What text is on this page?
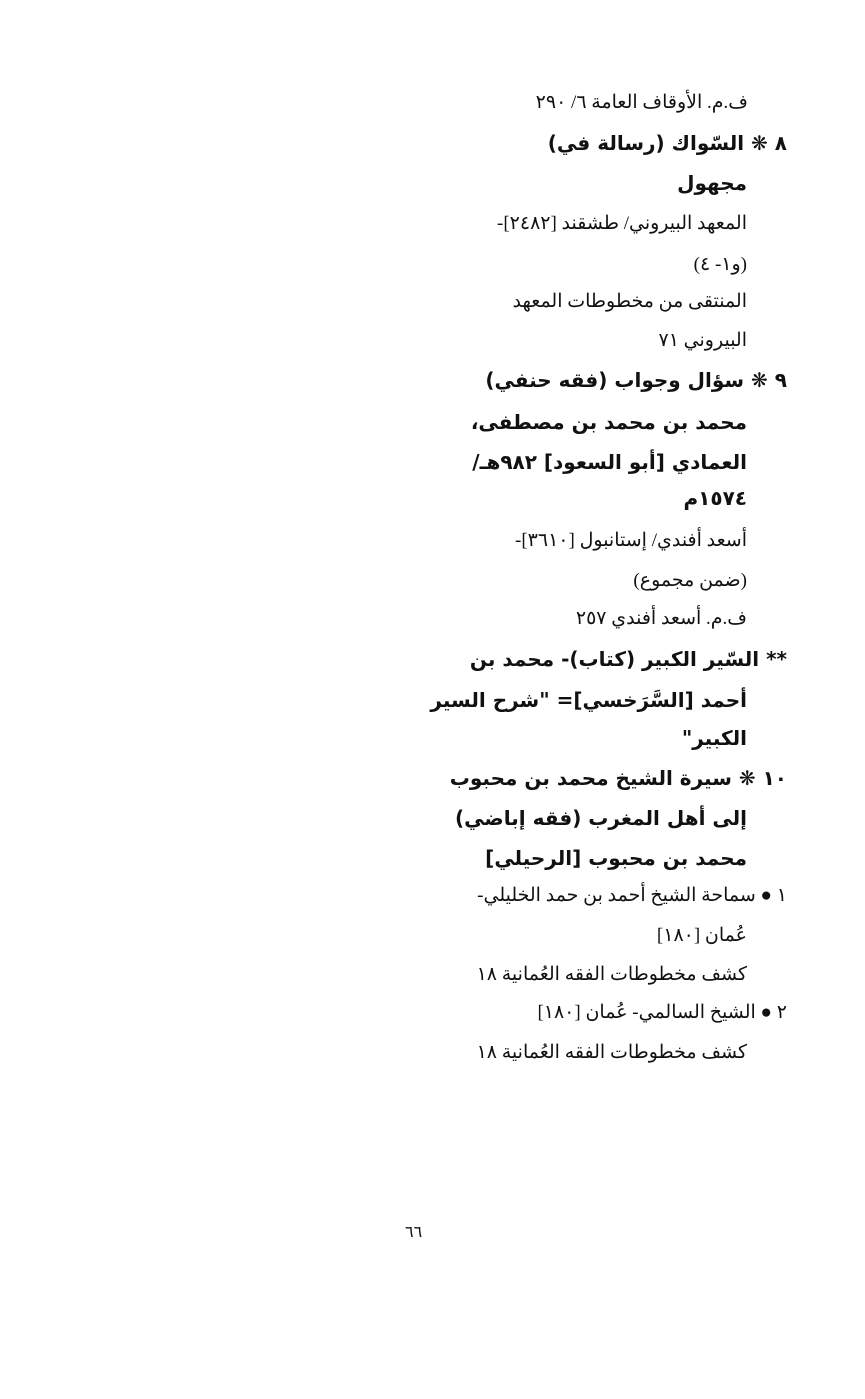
ف.م. الأوقاف العامة ٦/ ٢٩٠
٨ ❋ السّواك (رسالة في)
مجهول
المعهد البيروني/ طشقند [٢٤٨٢]-
(و١- ٤)
المنتقى من مخطوطات المعهد
البيروني ٧١
٩ ❋ سؤال وجواب (فقه حنفي)
محمد بن محمد بن مصطفى،
العمادي [أبو السعود] ٩٨٢هـ/
١٥٧٤م
أسعد أفندي/ إستانبول [٣٦١٠]-
(ضمن مجموع)
ف.م. أسعد أفندي ٢٥٧
** السّير الكبير (كتاب)- محمد بن
أحمد [السَّرَخسي]= "شرح السير
الكبير"
١٠ ❋ سيرة الشيخ محمد بن محبوب
إلى أهل المغرب (فقه إباضي)
محمد بن محبوب [الرحيلي]
١ ● سماحة الشيخ أحمد بن حمد الخليلي-
عُمان [١٨٠]
كشف مخطوطات الفقه العُمانية ١٨
٢ ● الشيخ السالمي- عُمان [١٨٠]
كشف مخطوطات الفقه العُمانية ١٨
٦٦
